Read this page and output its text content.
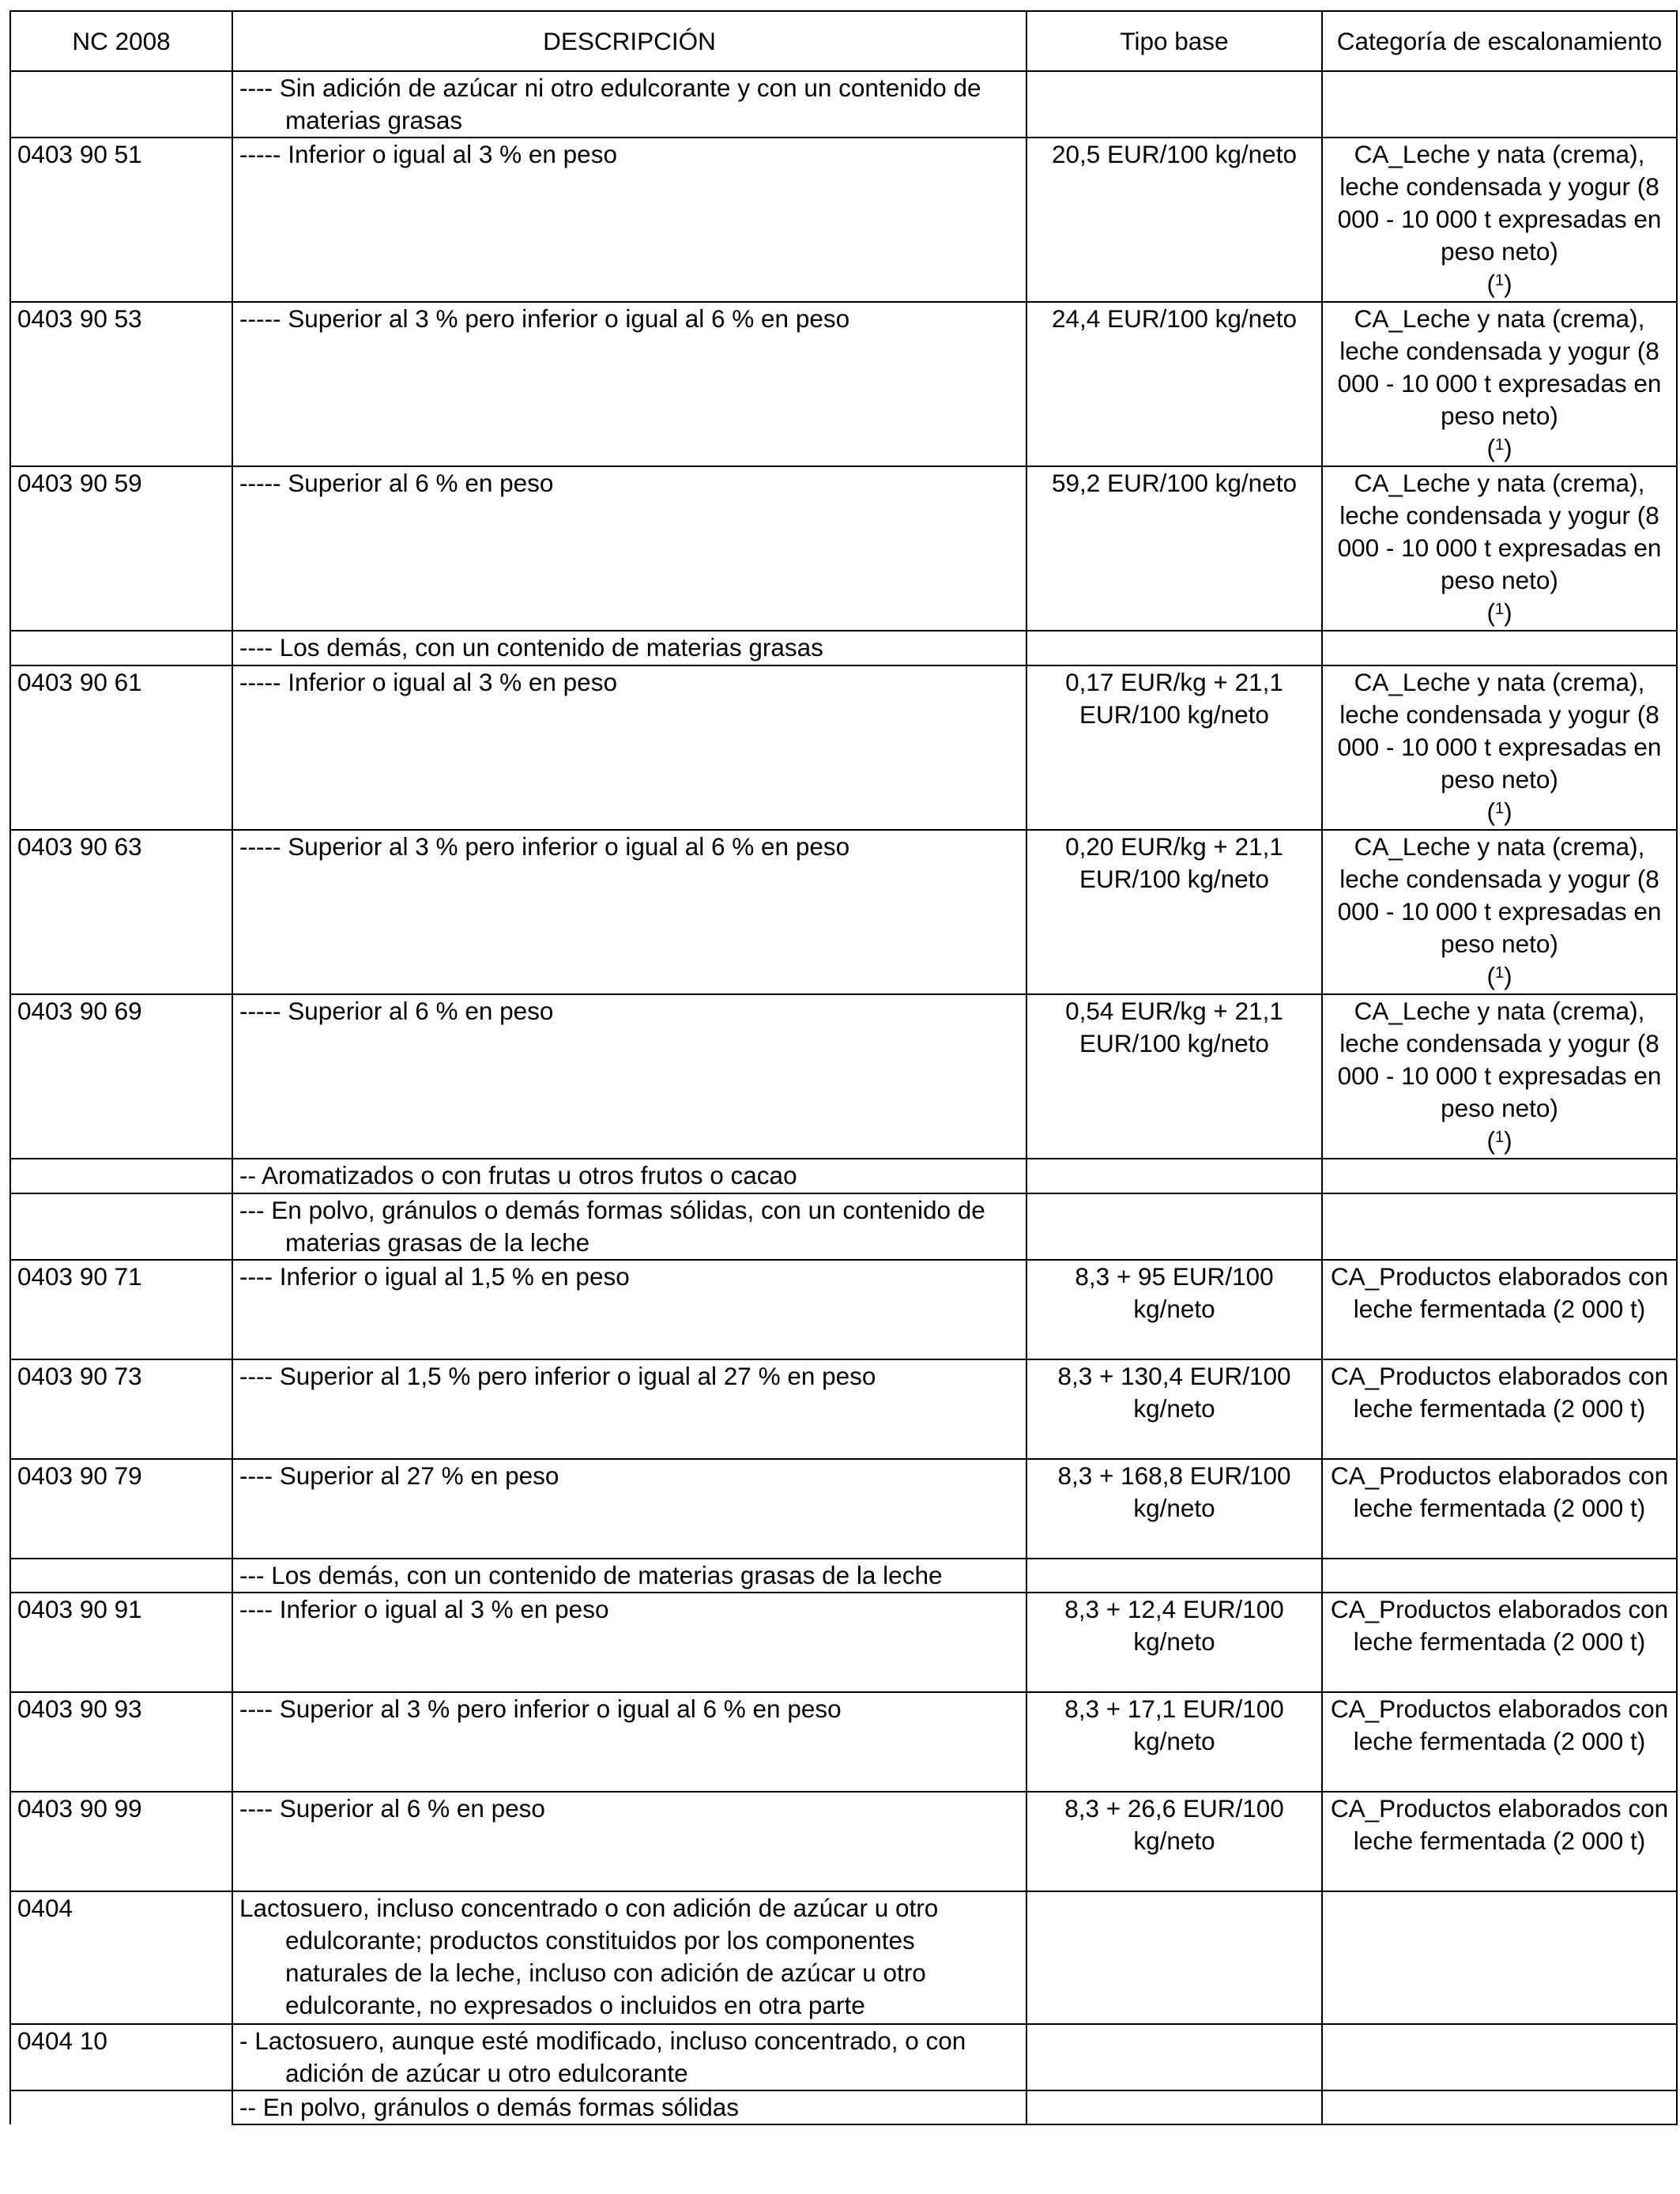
NC 2008	DESCRIPCIÓN	Tipo base	Categoría de escalonamiento

	---- Sin adición de azúcar ni otro edulcorante y con un contenido de materias grasas		

0403 90 51	----- Inferior o igual al 3 % en peso	20,5 EUR/100 kg/neto	CA_Leche y nata (crema), leche condensada y yogur (8 000 - 10 000 t expresadas en peso neto)
($^1$)
0403 90 53	----- Superior al 3 % pero inferior o igual al 6 % en peso	24,4 EUR/100 kg/neto	CA_Leche y nata (crema), leche condensada y yogur (8 000 - 10 000 t expresadas en peso neto)
($^1$)
0403 90 59	----- Superior al 6 % en peso	59,2 EUR/100 kg/neto	CA_Leche y nata (crema), leche condensada y yogur (8 000 - 10 000 t expresadas en peso neto)
($^1$)

	---- Los demás, con un contenido de materias grasas		

0403 90 61	----- Inferior o igual al 3 % en peso	0,17 EUR/kg + 21,1 EUR/100 kg/neto	CA_Leche y nata (crema), leche condensada y yogur (8 000 - 10 000 t expresadas en peso neto)
($^1$)
0403 90 63	----- Superior al 3 % pero inferior o igual al 6 % en peso	0,20 EUR/kg + 21,1 EUR/100 kg/neto	CA_Leche y nata (crema), leche condensada y yogur (8 000 - 10 000 t expresadas en peso neto)
($^1$)
0403 90 69	----- Superior al 6 % en peso	0,54 EUR/kg + 21,1 EUR/100 kg/neto	CA_Leche y nata (crema), leche condensada y yogur (8 000 - 10 000 t expresadas en peso neto)
($^1$)

	-- Aromatizados o con frutas u otros frutos o cacao		

	--- En polvo, gránulos o demás formas sólidas, con un contenido de materias grasas de la leche		

0403 90 71	---- Inferior o igual al 1,5 % en peso	8,3 + 95 EUR/100 kg/neto	CA_Productos elaborados con leche fermentada (2 000 t)
0403 90 73	---- Superior al 1,5 % pero inferior o igual al 27 % en peso	8,3 + 130,4 EUR/100 kg/neto	CA_Productos elaborados con leche fermentada (2 000 t)
0403 90 79	---- Superior al 27 % en peso	8,3 + 168,8 EUR/100 kg/neto	CA_Productos elaborados con leche fermentada (2 000 t)

	--- Los demás, con un contenido de materias grasas de la leche		

0403 90 91	---- Inferior o igual al 3 % en peso	8,3 + 12,4 EUR/100 kg/neto	CA_Productos elaborados con leche fermentada (2 000 t)
0403 90 93	---- Superior al 3 % pero inferior o igual al 6 % en peso	8,3 + 17,1 EUR/100 kg/neto	CA_Productos elaborados con leche fermentada (2 000 t)
0403 90 99	---- Superior al 6 % en peso	8,3 + 26,6 EUR/100 kg/neto	CA_Productos elaborados con leche fermentada (2 000 t)
0404	Lactosuero, incluso concentrado o con adición de azúcar u otro edulcorante; productos constituidos por los componentes naturales de la leche, incluso con adición de azúcar u otro edulcorante, no expresados o incluidos en otra parte		

0404 10	- Lactosuero, aunque esté modificado, incluso concentrado, o con adición de azúcar u otro edulcorante		

	-- En polvo, gránulos o demás formas sólidas		
